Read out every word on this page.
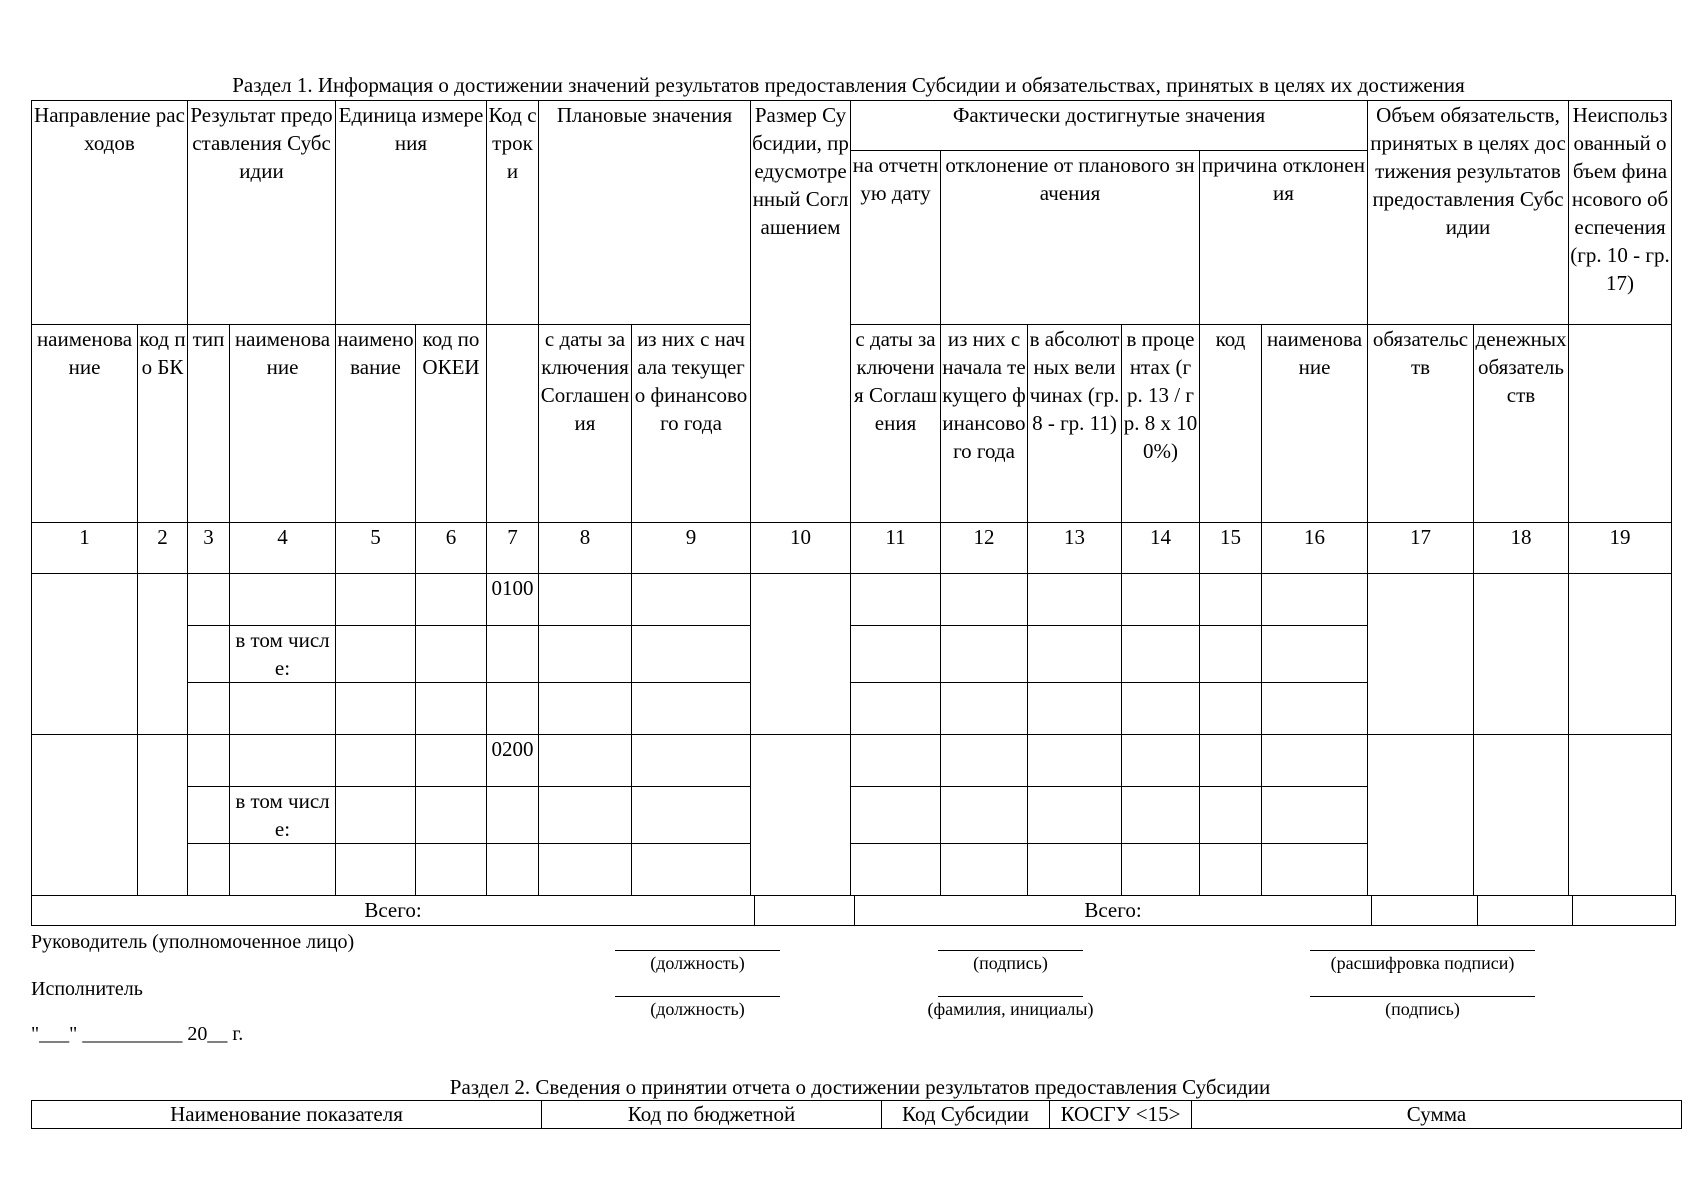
Раздел 1. Информация о достижении значений результатов предоставления Субсидии и обязательствах, принятых в целях их достижения
Направление расходов		Результат предоставления Субсидии		Единица измерения		Код строки	Плановые значения		Размер Субсидии, предусмотренный Соглашением	Фактически достигнутые значения						Объем обязательств, принятых в целях достижения результатов предоставления Субсидии		Неиспользованный объем финансового обеспечения (гр. 10 - гр. 17)
										на отчетную дату	отклонение от планового значения			причина отклонения				
наименование	код по БК	тип	наименование	наименование	код по ОКЕИ		с даты заключения Соглашения	из них с начала текущего финансового года		с даты заключения Соглашения	из них с начала текущего финансового года	в абсолютных величинах (гр. 8 - гр. 11)	в процентах (гр. 13 / гр. 8 x 100%)	код	наименование	обязательств	денежных обязательств	
1	2	3	4	5	6	7	8	9	10	11	12	13	14	15	16	17	18	19
						0100												
			в том числе:															

						0200												
			в том числе:															

Всего:		Всего:			
Руководитель (уполномоченное лицо)
(должность)	(подпись)	(расшифровка подписи)
Исполнитель
(должность)	(фамилия, инициалы)	(подпись)
"___" __________ 20__ г.
Раздел 2. Сведения о принятии отчета о достижении результатов предоставления Субсидии
Наименование показателя	Код по бюджетной	Код Субсидии	КОСГУ <15>	Сумма
